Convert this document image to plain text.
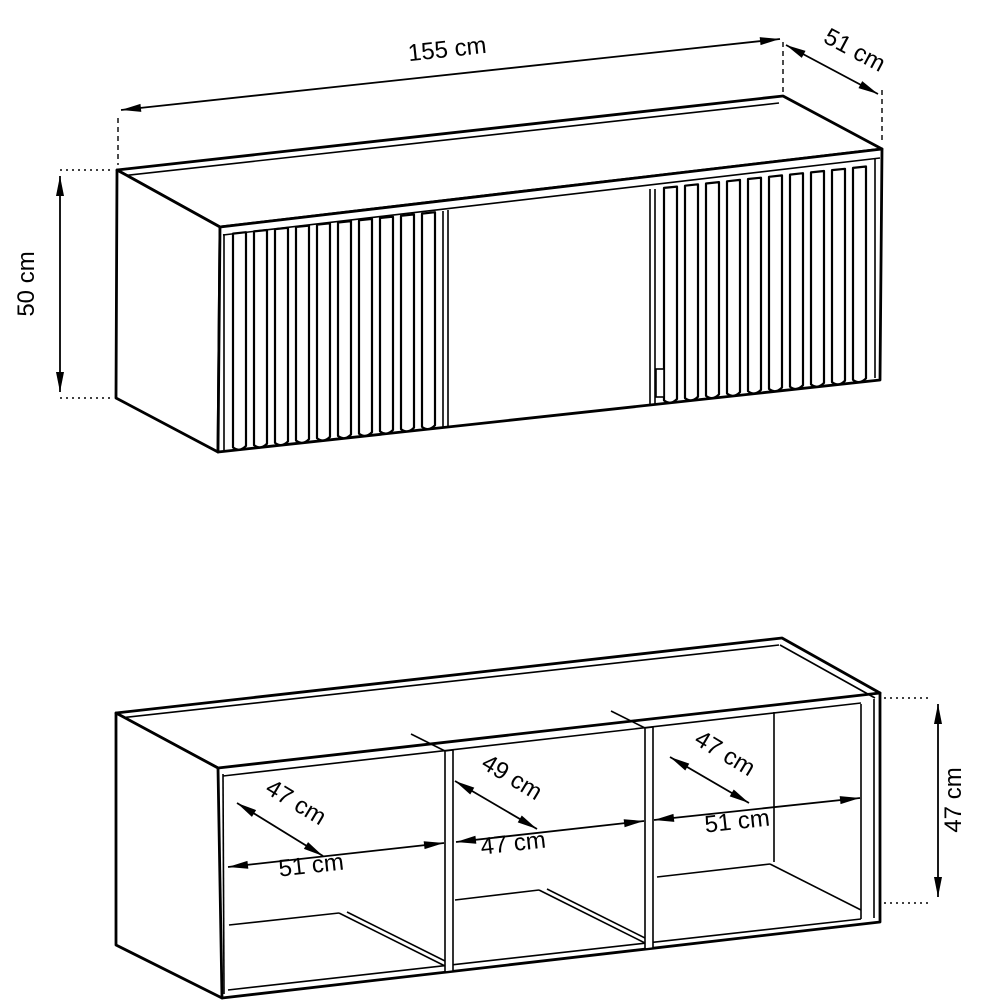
155 cm	51 cm
50 cm
47 cm
51 cm
49 cm
47 cm
47 cm
51 cm	47 cm
